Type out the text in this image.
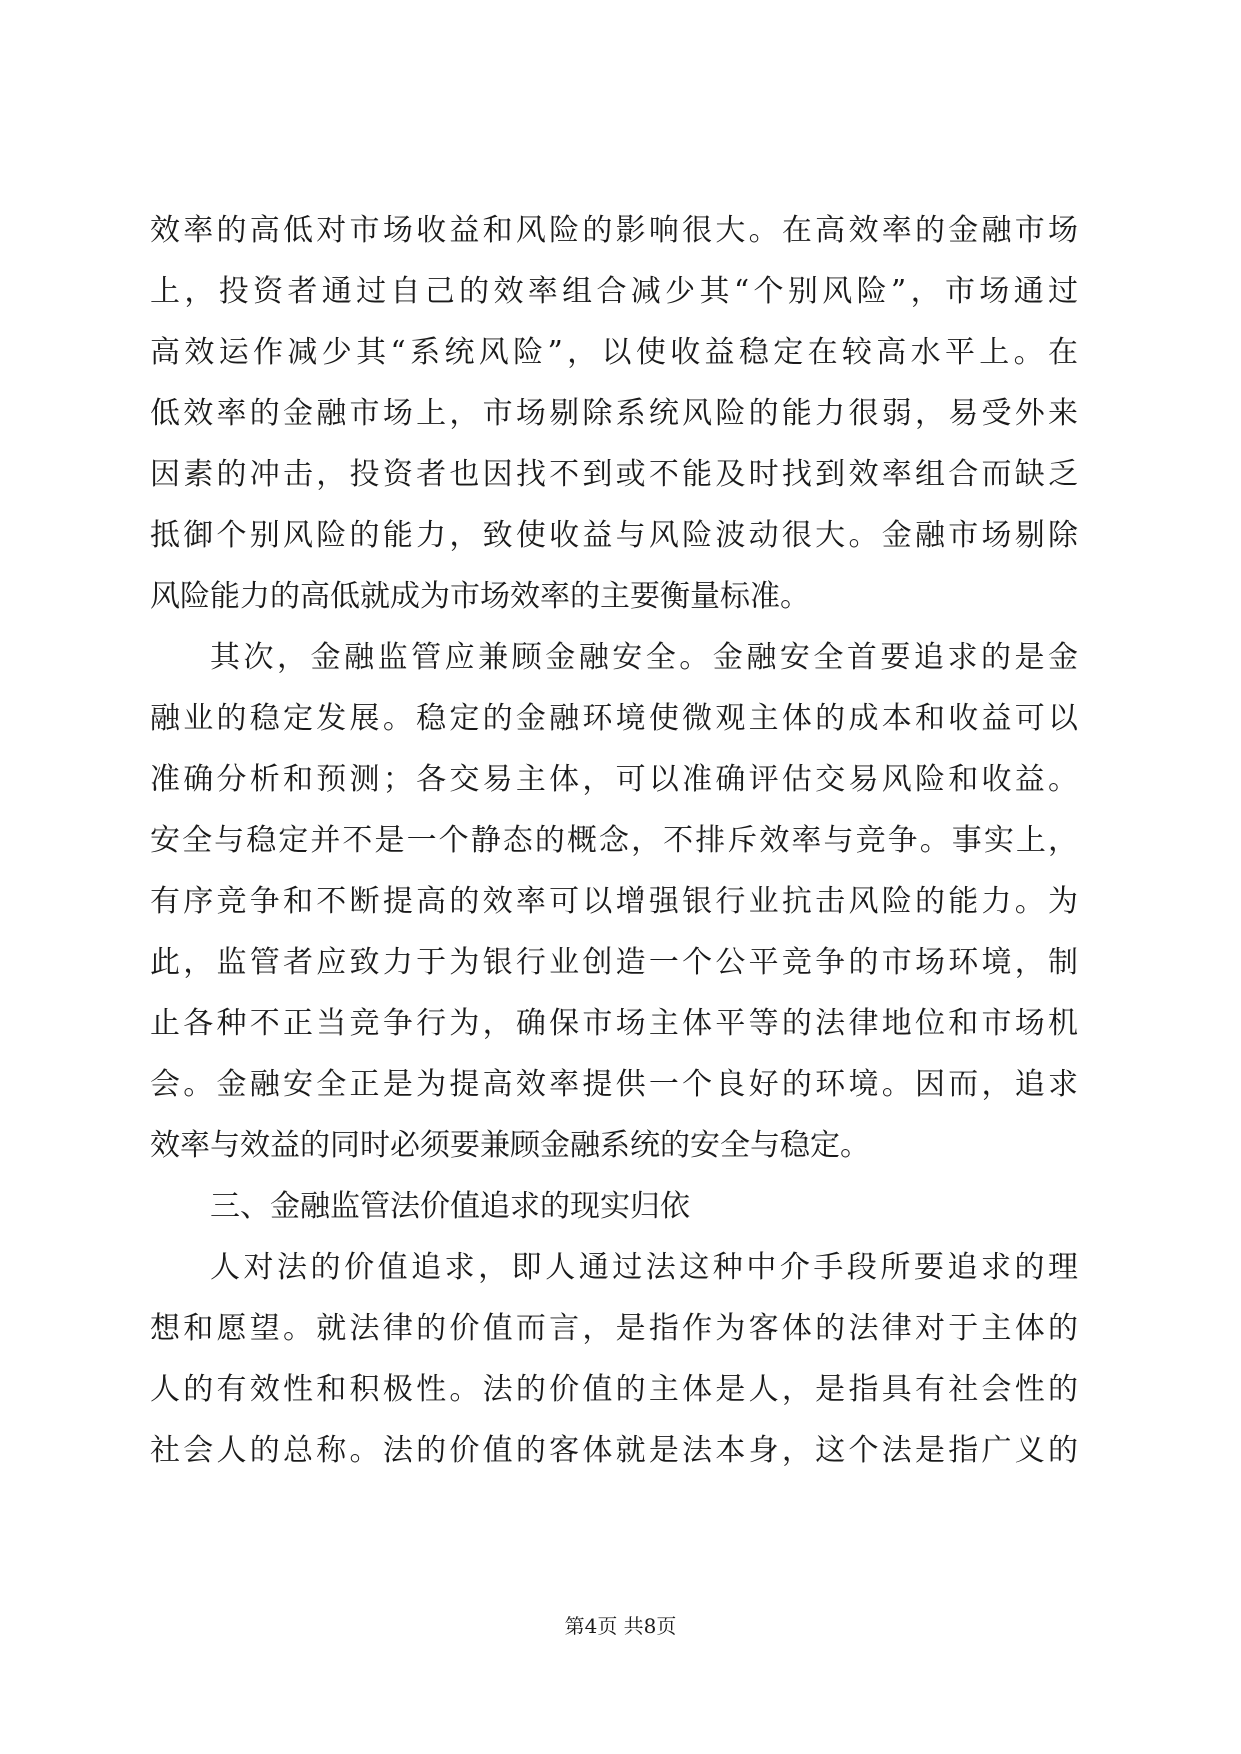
效率的高低对市场收益和风险的影响很大。在高效率的金融市场
上，投资者通过自己的效率组合减少其“个别风险”，市场通过
高效运作减少其“系统风险”，以使收益稳定在较高水平上。在
低效率的金融市场上，市场剔除系统风险的能力很弱，易受外来
因素的冲击，投资者也因找不到或不能及时找到效率组合而缺乏
抵御个别风险的能力，致使收益与风险波动很大。金融市场剔除
风险能力的高低就成为市场效率的主要衡量标准。
其次，金融监管应兼顾金融安全。金融安全首要追求的是金
融业的稳定发展。稳定的金融环境使微观主体的成本和收益可以
准确分析和预测；各交易主体，可以准确评估交易风险和收益。
安全与稳定并不是一个静态的概念，不排斥效率与竞争。事实上，
有序竞争和不断提高的效率可以增强银行业抗击风险的能力。为
此，监管者应致力于为银行业创造一个公平竞争的市场环境，制
止各种不正当竞争行为，确保市场主体平等的法律地位和市场机
会。金融安全正是为提高效率提供一个良好的环境。因而，追求
效率与效益的同时必须要兼顾金融系统的安全与稳定。
三、金融监管法价值追求的现实归依
人对法的价值追求，即人通过法这种中介手段所要追求的理
想和愿望。就法律的价值而言，是指作为客体的法律对于主体的
人的有效性和积极性。法的价值的主体是人，是指具有社会性的
社会人的总称。法的价值的客体就是法本身，这个法是指广义的
第4页 共8页
